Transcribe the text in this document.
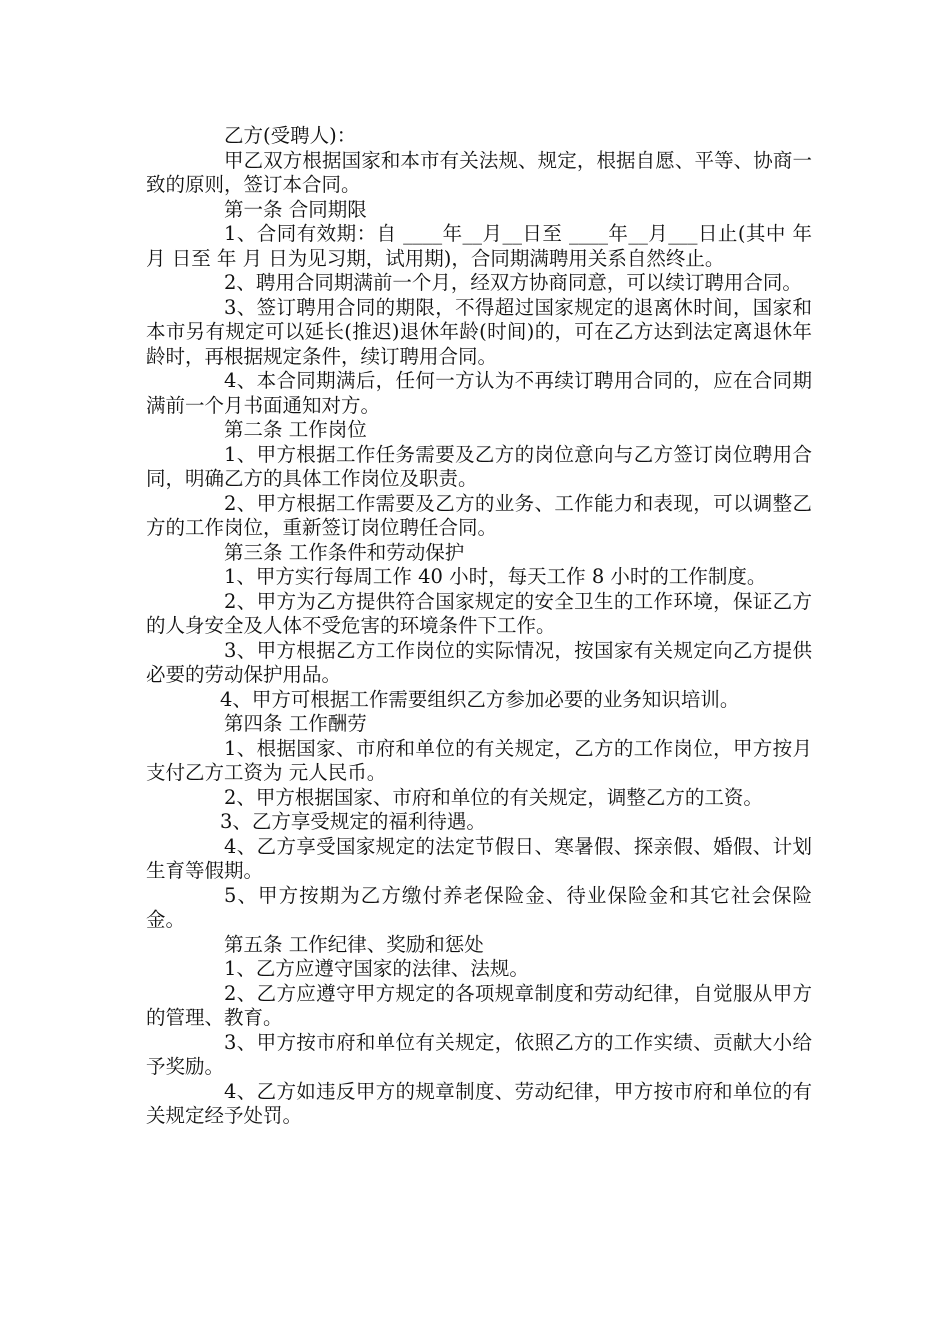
乙方(受聘人)：

甲乙双方根据国家和本市有关法规、规定，根据自愿、平等、协商一致的原则，签订本合同。

第一条 合同期限

1、合同有效期：自 ____年__月__日至 ____年__月___日止(其中 年 月 日至 年 月 日为见习期，试用期)，合同期满聘用关系自然终止。

2、聘用合同期满前一个月，经双方协商同意，可以续订聘用合同。

3、签订聘用合同的期限，不得超过国家规定的退离休时间，国家和本市另有规定可以延长(推迟)退休年龄(时间)的，可在乙方达到法定离退休年龄时，再根据规定条件，续订聘用合同。

4、本合同期满后，任何一方认为不再续订聘用合同的，应在合同期满前一个月书面通知对方。

第二条 工作岗位

1、甲方根据工作任务需要及乙方的岗位意向与乙方签订岗位聘用合同，明确乙方的具体工作岗位及职责。

2、甲方根据工作需要及乙方的业务、工作能力和表现，可以调整乙方的工作岗位，重新签订岗位聘任合同。

第三条 工作条件和劳动保护

1、甲方实行每周工作 40 小时，每天工作 8 小时的工作制度。

2、甲方为乙方提供符合国家规定的安全卫生的工作环境，保证乙方的人身安全及人体不受危害的环境条件下工作。

3、甲方根据乙方工作岗位的实际情况，按国家有关规定向乙方提供必要的劳动保护用品。

4、甲方可根据工作需要组织乙方参加必要的业务知识培训。

第四条 工作酬劳

1、根据国家、市府和单位的有关规定，乙方的工作岗位，甲方按月支付乙方工资为 元人民币。

2、甲方根据国家、市府和单位的有关规定，调整乙方的工资。

3、乙方享受规定的福利待遇。

4、乙方享受国家规定的法定节假日、寒暑假、探亲假、婚假、计划生育等假期。

5、甲方按期为乙方缴付养老保险金、待业保险金和其它社会保险金。

第五条 工作纪律、奖励和惩处

1、乙方应遵守国家的法律、法规。

2、乙方应遵守甲方规定的各项规章制度和劳动纪律，自觉服从甲方的管理、教育。

3、甲方按市府和单位有关规定，依照乙方的工作实绩、贡献大小给予奖励。

4、乙方如违反甲方的规章制度、劳动纪律，甲方按市府和单位的有关规定经予处罚。
